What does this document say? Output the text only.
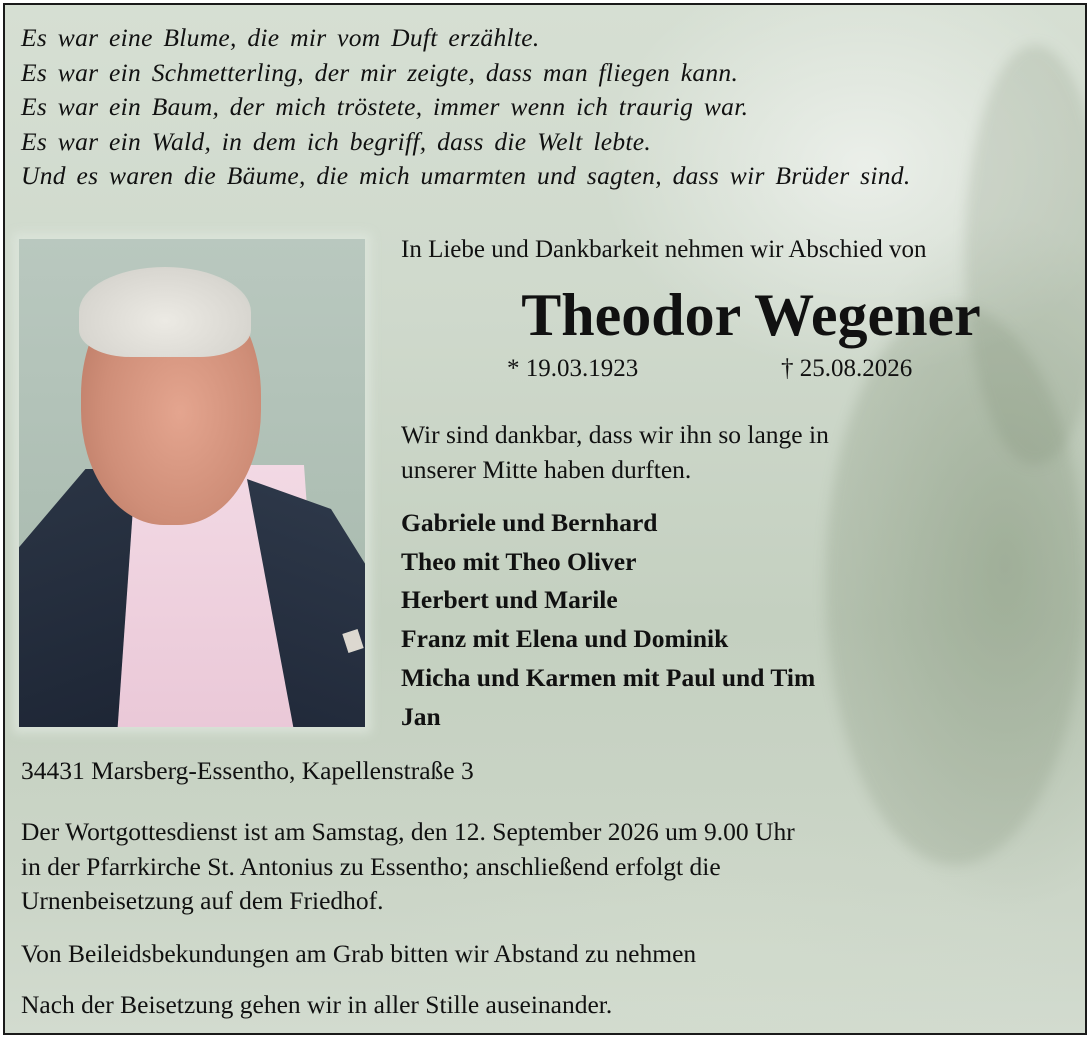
Es war eine Blume, die mir vom Duft erzählte.
Es war ein Schmetterling, der mir zeigte, dass man fliegen kann.
Es war ein Baum, der mich tröstete, immer wenn ich traurig war.
Es war ein Wald, in dem ich begriff, dass die Welt lebte.
Und es waren die Bäume, die mich umarmten und sagten, dass wir Brüder sind.
In Liebe und Dankbarkeit nehmen wir Abschied von
Theodor Wegener
* 19.03.1923	† 25.08.2026
Wir sind dankbar, dass wir ihn so lange in
unserer Mitte haben durften.
Gabriele und Bernhard
Theo mit Theo Oliver
Herbert und Marile
Franz mit Elena und Dominik
Micha und Karmen mit Paul und Tim
Jan
34431 Marsberg-Essentho, Kapellenstraße 3
Der Wortgottesdienst ist am Samstag, den 12. September 2026 um 9.00 Uhr
in der Pfarrkirche St. Antonius zu Essentho; anschließend erfolgt die
Urnenbeisetzung auf dem Friedhof.
Von Beileidsbekundungen am Grab bitten wir Abstand zu nehmen
Nach der Beisetzung gehen wir in aller Stille auseinander.
